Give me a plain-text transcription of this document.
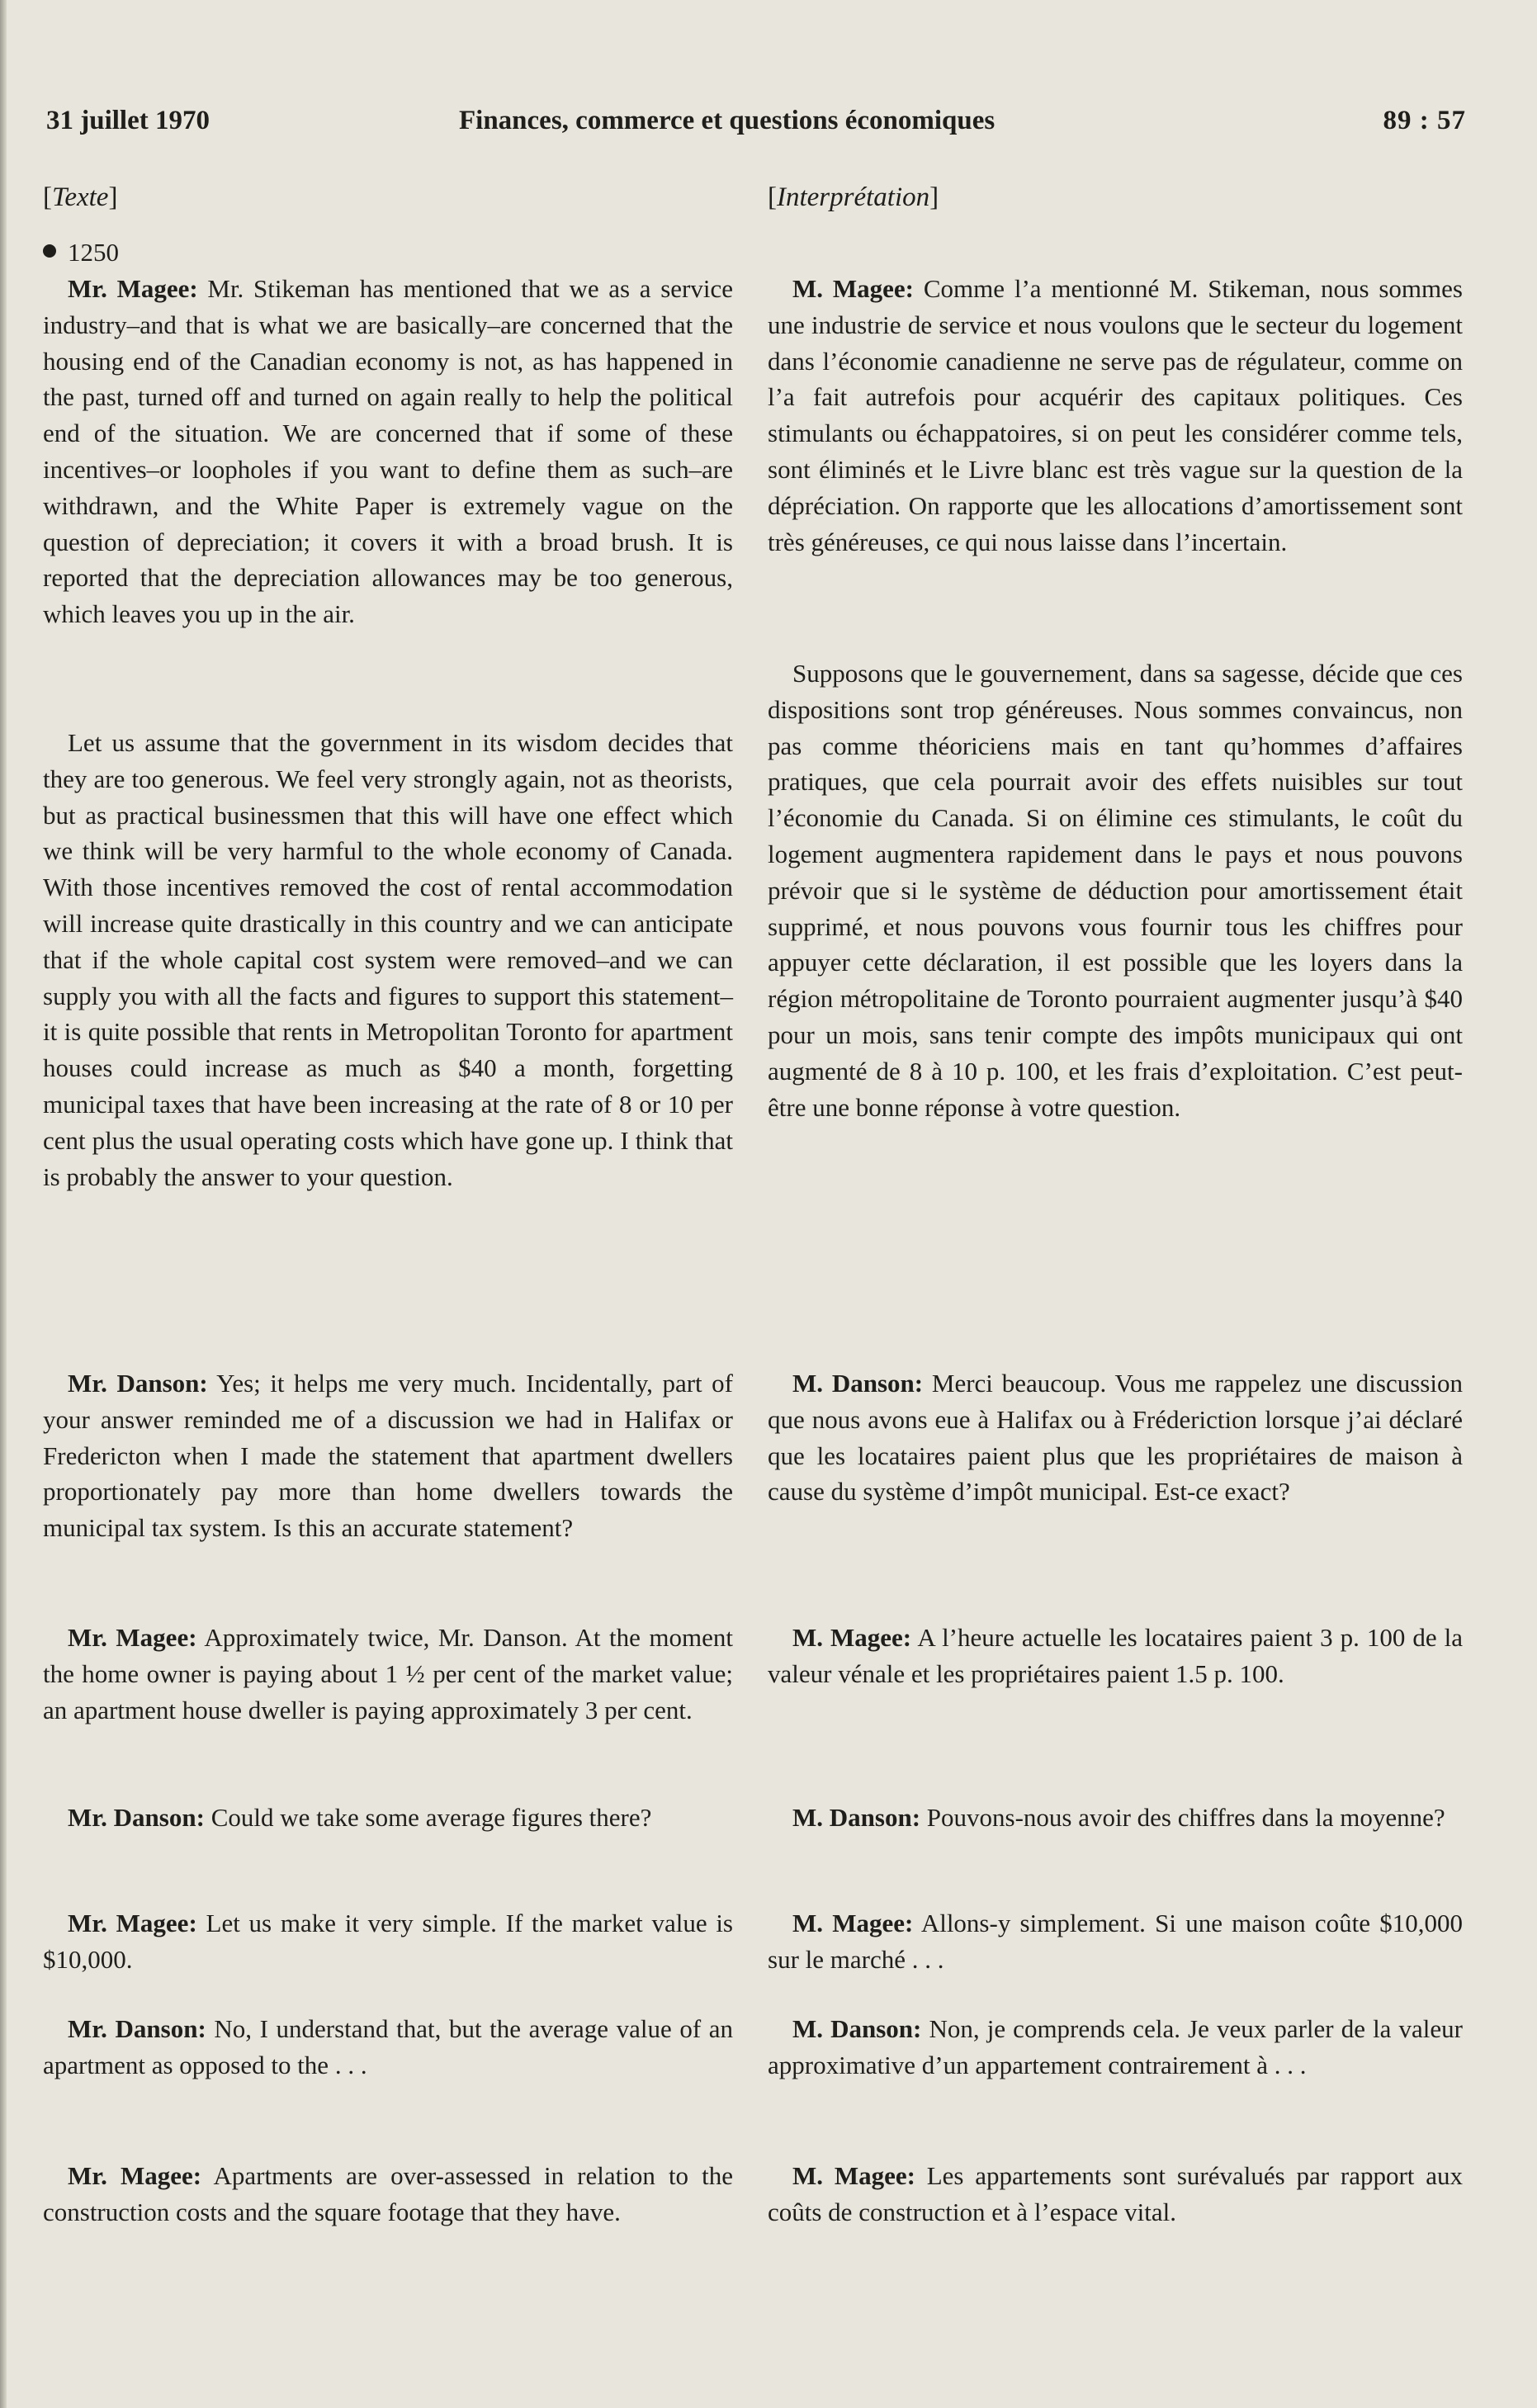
31 juillet 1970	Finances, commerce et questions économiques	89 : 57
[Texte]
1250

Mr. Magee: Mr. Stikeman has mentioned that we as a service industry–and that is what we are basically–are concerned that the housing end of the Canadian economy is not, as has happened in the past, turned off and turned on again really to help the political end of the situation. We are concerned that if some of these incentives–or loopholes if you want to define them as such–are withdrawn, and the White Paper is extremely vague on the question of depreciation; it covers it with a broad brush. It is reported that the depreciation allowances may be too generous, which leaves you up in the air.

Let us assume that the government in its wisdom decides that they are too generous. We feel very strongly again, not as theorists, but as practical businessmen that this will have one effect which we think will be very harmful to the whole economy of Canada. With those incentives removed the cost of rental accommodation will increase quite drastically in this country and we can anticipate that if the whole capital cost system were removed–and we can supply you with all the facts and figures to support this statement–it is quite possible that rents in Metropolitan Toronto for apartment houses could increase as much as $40 a month, forgetting municipal taxes that have been increasing at the rate of 8 or 10 per cent plus the usual operating costs which have gone up. I think that is probably the answer to your question.

Mr. Danson: Yes; it helps me very much. Incidentally, part of your answer reminded me of a discussion we had in Halifax or Fredericton when I made the statement that apartment dwellers proportionately pay more than home dwellers towards the municipal tax system. Is this an accurate statement?

Mr. Magee: Approximately twice, Mr. Danson. At the moment the home owner is paying about 1 ½ per cent of the market value; an apartment house dweller is paying approximately 3 per cent.

Mr. Danson: Could we take some average figures there?

Mr. Magee: Let us make it very simple. If the market value is $10,000.

Mr. Danson: No, I understand that, but the average value of an apartment as opposed to the . . .

Mr. Magee: Apartments are over-assessed in relation to the construction costs and the square footage that they have.

[Interprétation]

M. Magee: Comme l’a mentionné M. Stikeman, nous sommes une industrie de service et nous voulons que le secteur du logement dans l’économie canadienne ne serve pas de régulateur, comme on l’a fait autrefois pour acquérir des capitaux politiques. Ces stimulants ou échappatoires, si on peut les considérer comme tels, sont éliminés et le Livre blanc est très vague sur la question de la dépréciation. On rapporte que les allocations d’amortissement sont très généreuses, ce qui nous laisse dans l’incertain.

Supposons que le gouvernement, dans sa sagesse, décide que ces dispositions sont trop généreuses. Nous sommes convaincus, non pas comme théoriciens mais en tant qu’hommes d’affaires pratiques, que cela pourrait avoir des effets nuisibles sur tout l’économie du Canada. Si on élimine ces stimulants, le coût du logement augmentera rapidement dans le pays et nous pouvons prévoir que si le système de déduction pour amortissement était supprimé, et nous pouvons vous fournir tous les chiffres pour appuyer cette déclaration, il est possible que les loyers dans la région métropolitaine de Toronto pourraient augmenter jusqu’à $40 pour un mois, sans tenir compte des impôts municipaux qui ont augmenté de 8 à 10 p. 100, et les frais d’exploitation. C’est peut-être une bonne réponse à votre question.

M. Danson: Merci beaucoup. Vous me rappelez une discussion que nous avons eue à Halifax ou à Fréderiction lorsque j’ai déclaré que les locataires paient plus que les propriétaires de maison à cause du système d’impôt municipal. Est-ce exact?

M. Magee: A l’heure actuelle les locataires paient 3 p. 100 de la valeur vénale et les propriétaires paient 1.5 p. 100.

M. Danson: Pouvons-nous avoir des chiffres dans la moyenne?

M. Magee: Allons-y simplement. Si une maison coûte $10,000 sur le marché . . .

M. Danson: Non, je comprends cela. Je veux parler de la valeur approximative d’un appartement contrairement à . . .

M. Magee: Les appartements sont surévalués par rapport aux coûts de construction et à l’espace vital.
